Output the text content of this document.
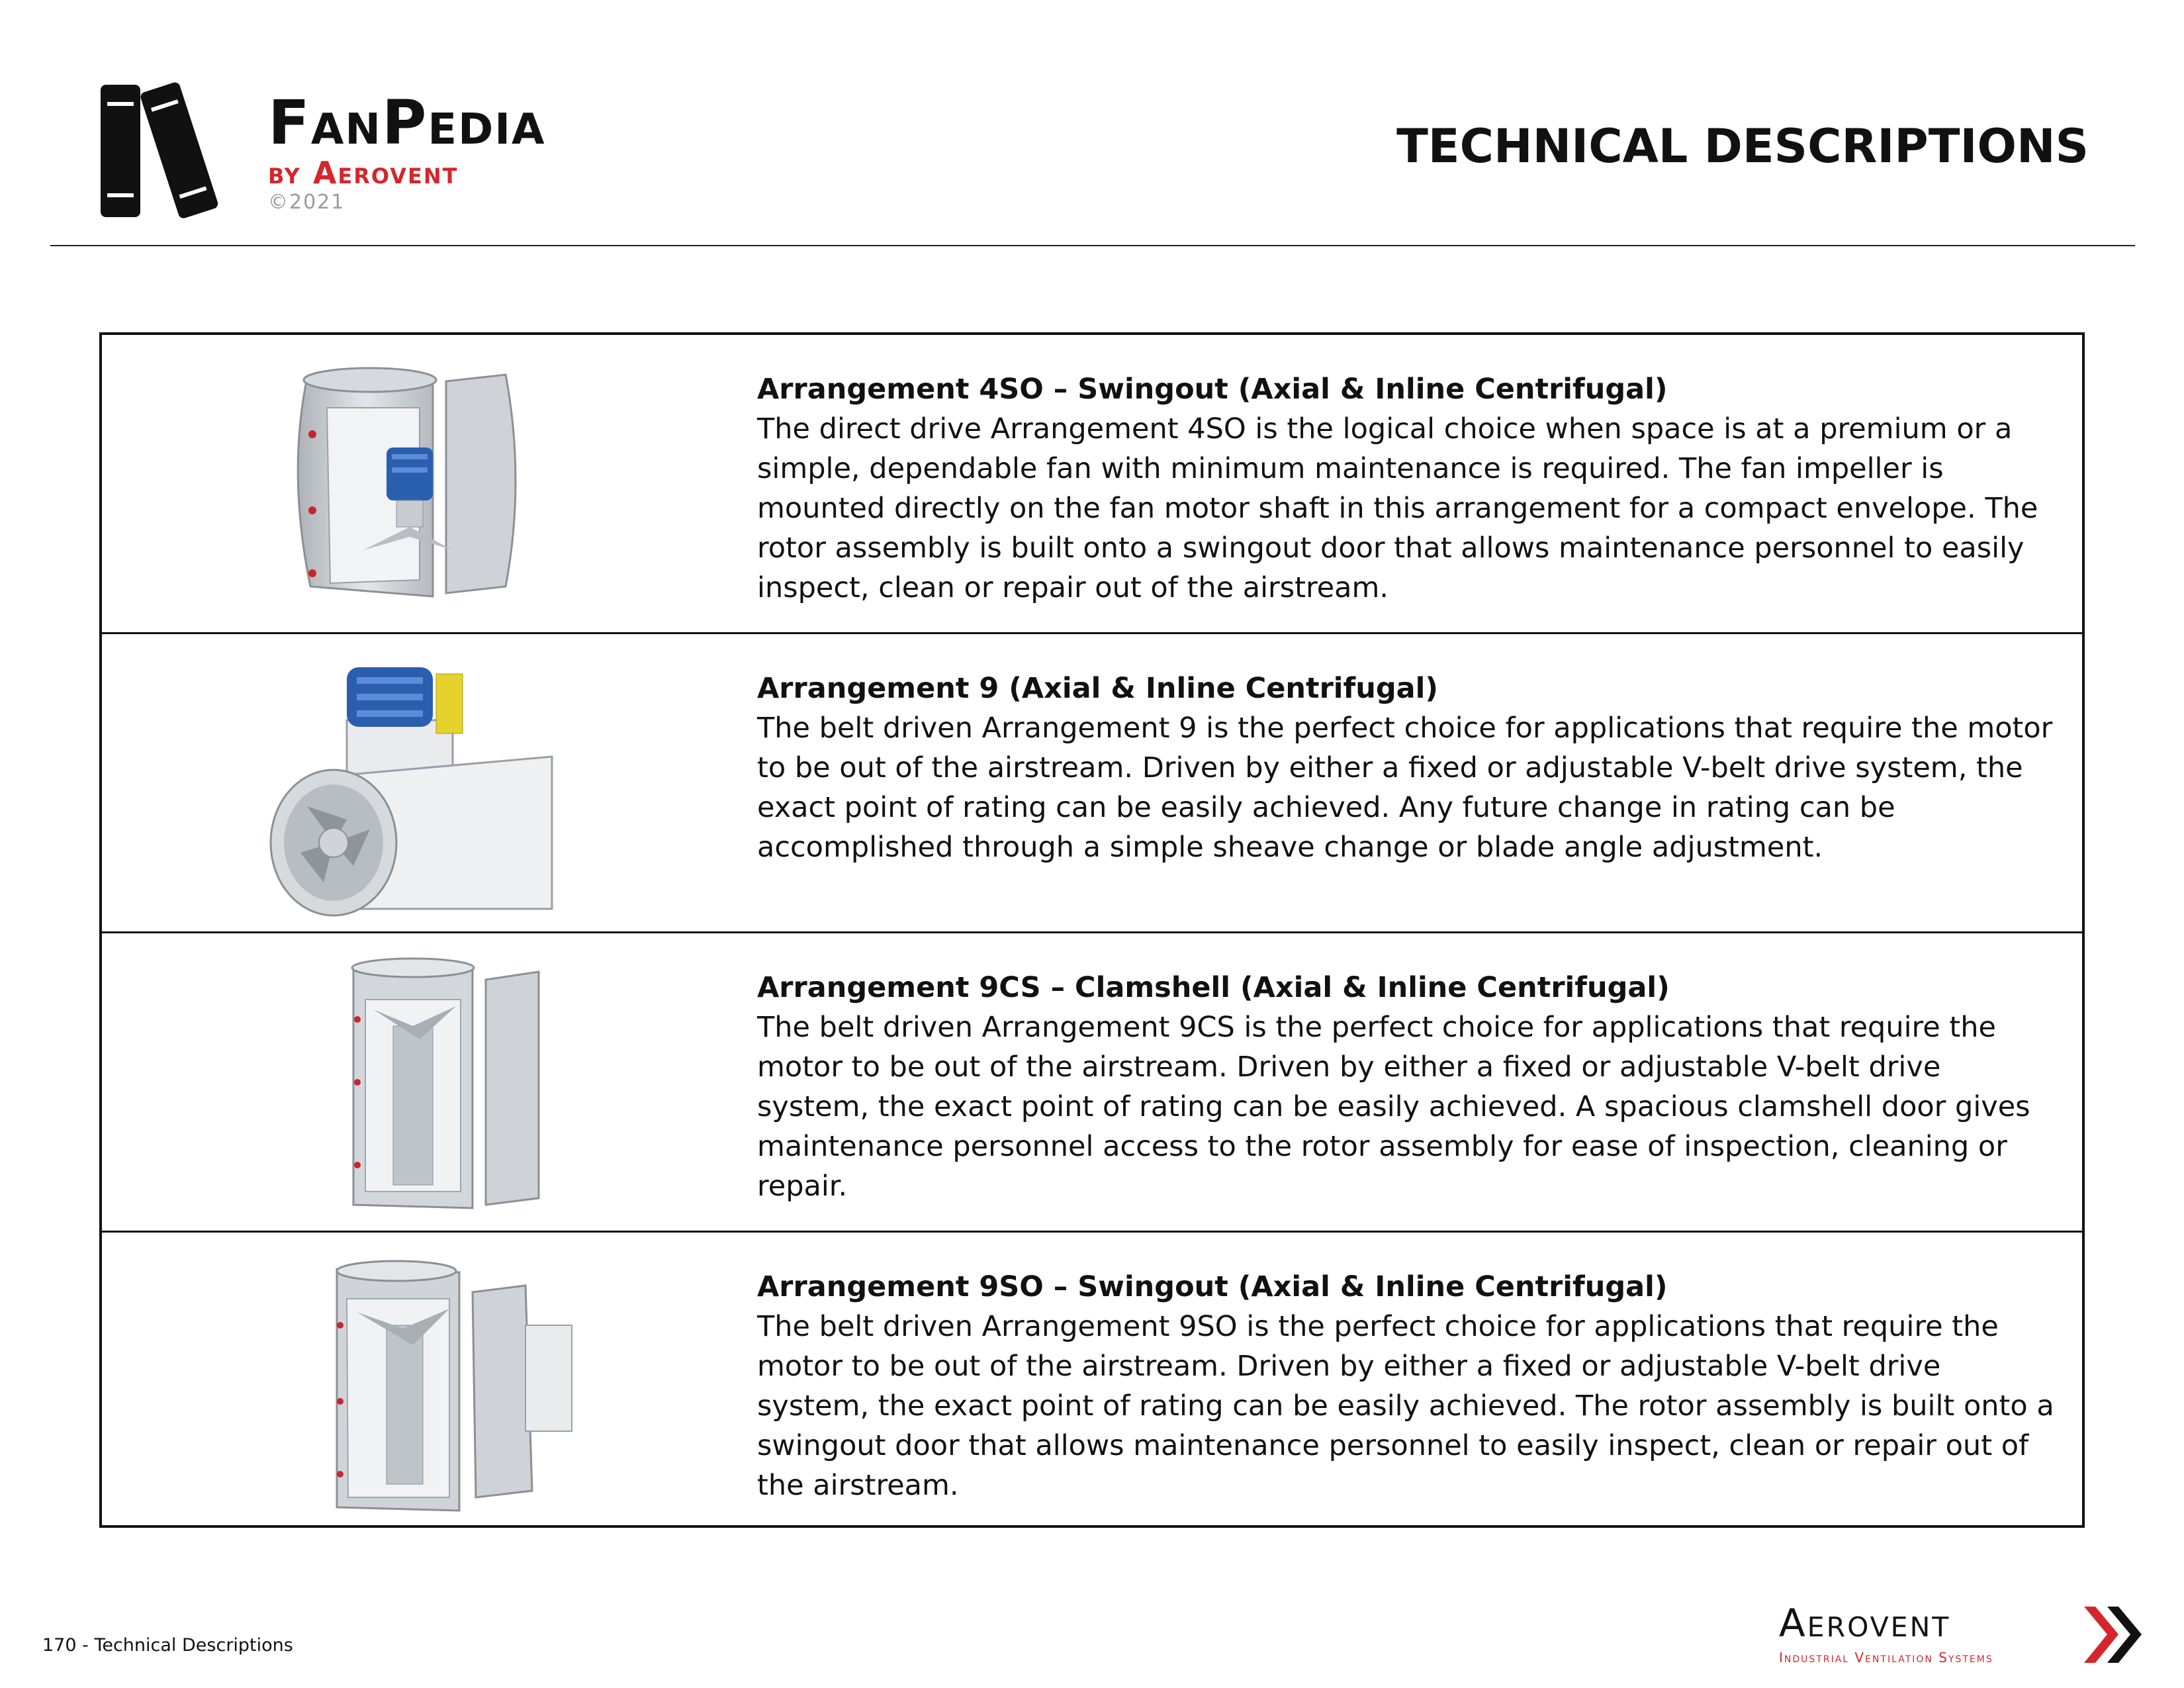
FanPedia
by Aerovent
©2021
TECHNICAL DESCRIPTIONS
Arrangement 4SO – Swingout (Axial & Inline Centrifugal)
The direct drive Arrangement 4SO is the logical choice when space is at a premium or a simple, dependable fan with minimum maintenance is required. The fan impeller is mounted directly on the fan motor shaft in this arrangement for a compact envelope. The rotor assembly is built onto a swingout door that allows maintenance personnel to easily inspect, clean or repair out of the airstream.
Arrangement 9 (Axial & Inline Centrifugal)
The belt driven Arrangement 9 is the perfect choice for applications that require the motor to be out of the airstream. Driven by either a fixed or adjustable V-belt drive system, the exact point of rating can be easily achieved. Any future change in rating can be accomplished through a simple sheave change or blade angle adjustment.
Arrangement 9CS – Clamshell (Axial & Inline Centrifugal)
The belt driven Arrangement 9CS is the perfect choice for applications that require the motor to be out of the airstream. Driven by either a fixed or adjustable V-belt drive system, the exact point of rating can be easily achieved. A spacious clamshell door gives maintenance personnel access to the rotor assembly for ease of inspection, cleaning or repair.
Arrangement 9SO – Swingout (Axial & Inline Centrifugal)
The belt driven Arrangement 9SO is the perfect choice for applications that require the motor to be out of the airstream. Driven by either a fixed or adjustable V-belt drive system, the exact point of rating can be easily achieved. The rotor assembly is built onto a swingout door that allows maintenance personnel to easily inspect, clean or repair out of the airstream.
170 - Technical Descriptions	Aerovent
Industrial Ventilation Systems
